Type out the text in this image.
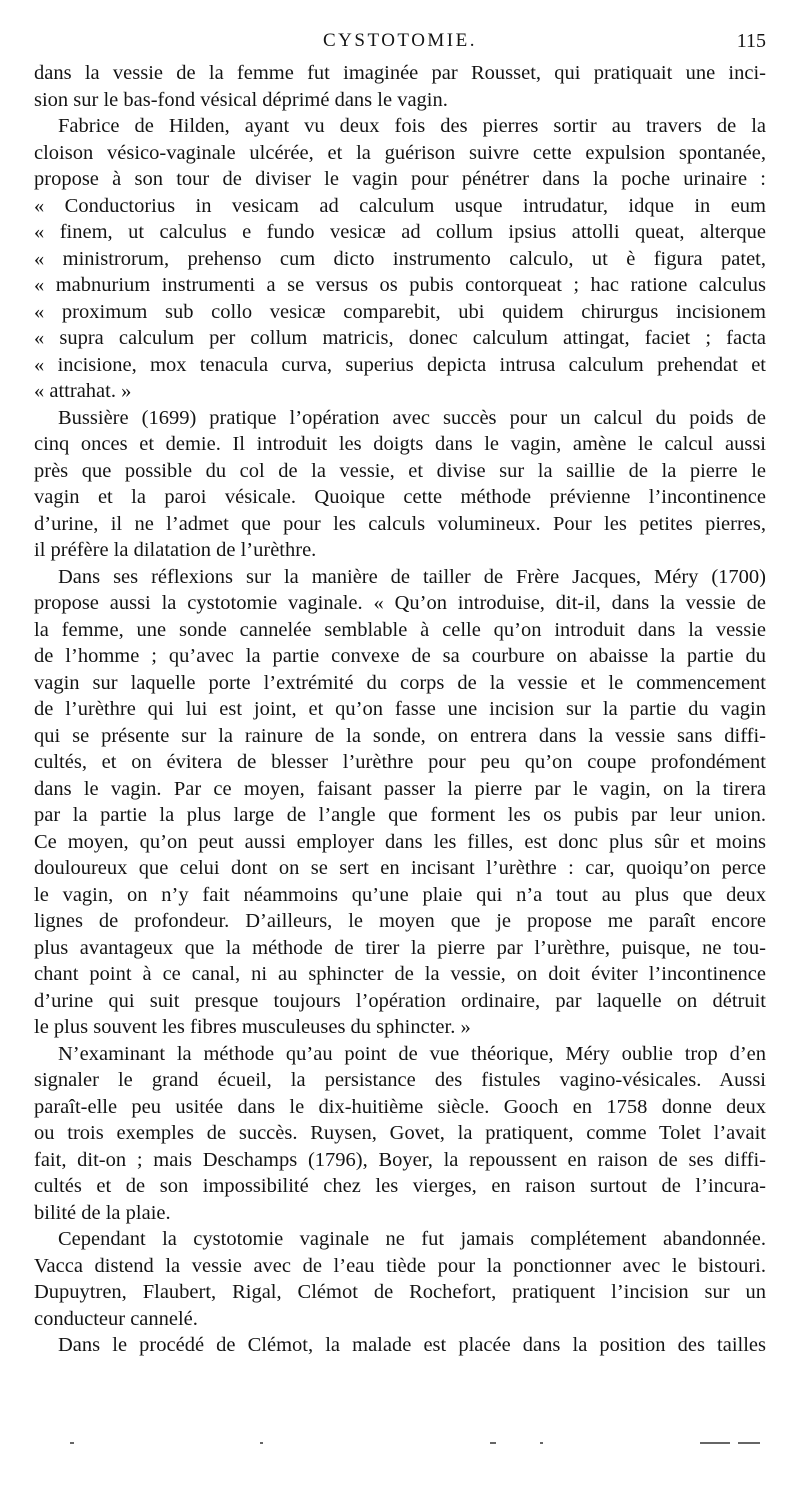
CYSTOTOMIE.	115
dans la vessie de la femme fut imaginée par Rousset, qui pratiquait une inci-
sion sur le bas-fond vésical déprimé dans le vagin.
Fabrice de Hilden, ayant vu deux fois des pierres sortir au travers de la
cloison vésico-vaginale ulcérée, et la guérison suivre cette expulsion spontanée,
propose à son tour de diviser le vagin pour pénétrer dans la poche urinaire :
« Conductorius in vesicam ad calculum usque intrudatur, idque in eum
« finem, ut calculus e fundo vesicæ ad collum ipsius attolli queat, alterque
« ministrorum, prehenso cum dicto instrumento calculo, ut è figura patet,
« mabnurium instrumenti a se versus os pubis contorqueat ; hac ratione calculus
« proximum sub collo vesicæ comparebit, ubi quidem chirurgus incisionem
« supra calculum per collum matricis, donec calculum attingat, faciet ; facta
« incisione, mox tenacula curva, superius depicta intrusa calculum prehendat et
« attrahat. »
Bussière (1699) pratique l’opération avec succès pour un calcul du poids de
cinq onces et demie. Il introduit les doigts dans le vagin, amène le calcul aussi
près que possible du col de la vessie, et divise sur la saillie de la pierre le
vagin et la paroi vésicale. Quoique cette méthode prévienne l’incontinence
d’urine, il ne l’admet que pour les calculs volumineux. Pour les petites pierres,
il préfère la dilatation de l’urèthre.
Dans ses réflexions sur la manière de tailler de Frère Jacques, Méry (1700)
propose aussi la cystotomie vaginale. « Qu’on introduise, dit-il, dans la vessie de
la femme, une sonde cannelée semblable à celle qu’on introduit dans la vessie
de l’homme ; qu’avec la partie convexe de sa courbure on abaisse la partie du
vagin sur laquelle porte l’extrémité du corps de la vessie et le commencement
de l’urèthre qui lui est joint, et qu’on fasse une incision sur la partie du vagin
qui se présente sur la rainure de la sonde, on entrera dans la vessie sans diffi-
cultés, et on évitera de blesser l’urèthre pour peu qu’on coupe profondément
dans le vagin. Par ce moyen, faisant passer la pierre par le vagin, on la tirera
par la partie la plus large de l’angle que forment les os pubis par leur union.
Ce moyen, qu’on peut aussi employer dans les filles, est donc plus sûr et moins
douloureux que celui dont on se sert en incisant l’urèthre : car, quoiqu’on perce
le vagin, on n’y fait néammoins qu’une plaie qui n’a tout au plus que deux
lignes de profondeur. D’ailleurs, le moyen que je propose me paraît encore
plus avantageux que la méthode de tirer la pierre par l’urèthre, puisque, ne tou-
chant point à ce canal, ni au sphincter de la vessie, on doit éviter l’incontinence
d’urine qui suit presque toujours l’opération ordinaire, par laquelle on détruit
le plus souvent les fibres musculeuses du sphincter. »
N’examinant la méthode qu’au point de vue théorique, Méry oublie trop d’en
signaler le grand écueil, la persistance des fistules vagino-vésicales. Aussi
paraît-elle peu usitée dans le dix-huitième siècle. Gooch en 1758 donne deux
ou trois exemples de succès. Ruysen, Govet, la pratiquent, comme Tolet l’avait
fait, dit-on ; mais Deschamps (1796), Boyer, la repoussent en raison de ses diffi-
cultés et de son impossibilité chez les vierges, en raison surtout de l’incura-
bilité de la plaie.
Cependant la cystotomie vaginale ne fut jamais complétement abandonnée.
Vacca distend la vessie avec de l’eau tiède pour la ponctionner avec le bistouri.
Dupuytren, Flaubert, Rigal, Clémot de Rochefort, pratiquent l’incision sur un
conducteur cannelé.
Dans le procédé de Clémot, la malade est placée dans la position des tailles
